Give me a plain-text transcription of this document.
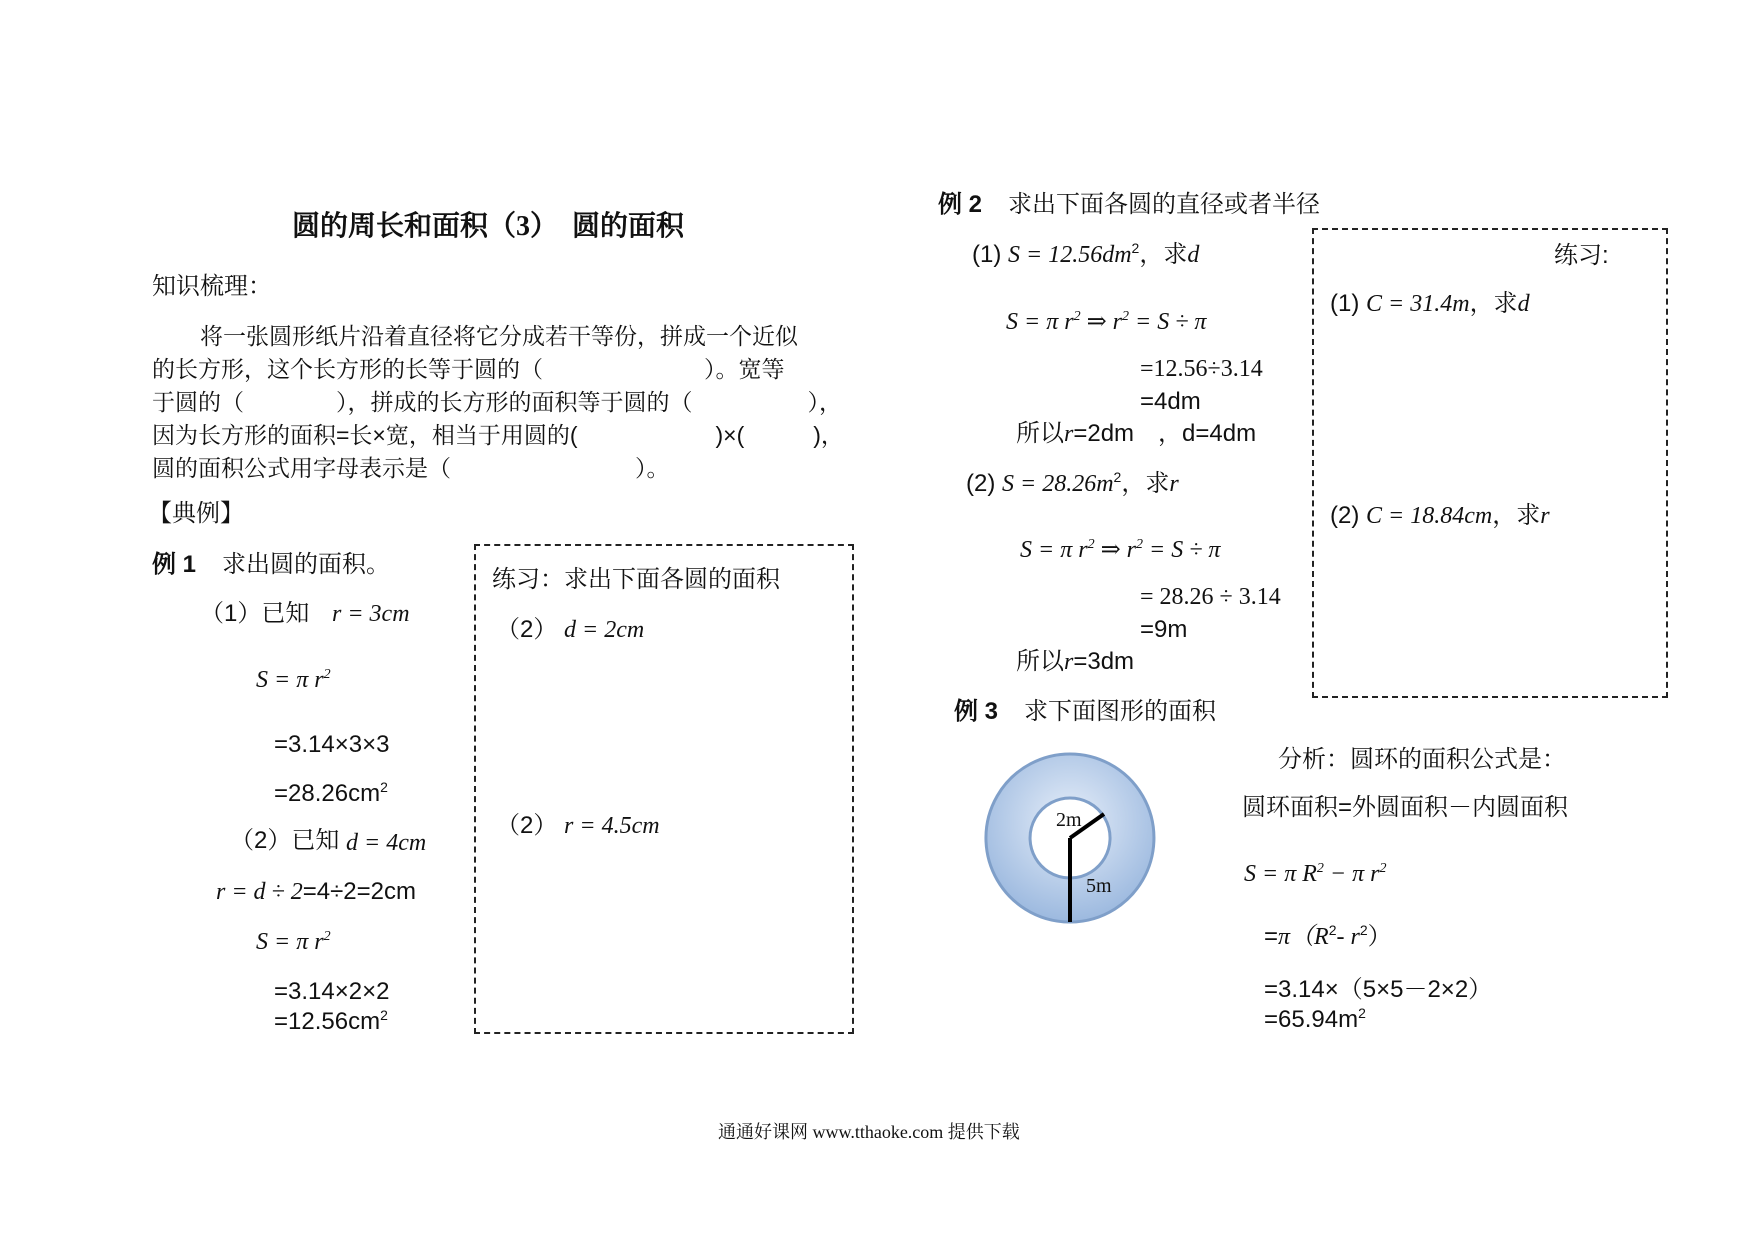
圆的周长和面积（3）　圆的面积
知识梳理：
将一张圆形纸片沿着直径将它分成若干等份，拼成一个近似
的长方形，这个长方形的长等于圆的（　　　　　　　）。宽等
于圆的（　　　　），拼成的长方形的面积等于圆的（　　　　　），
因为长方形的面积=长×宽，相当于用圆的(　　　　　　)×(　　　)，
圆的面积公式用字母表示是（　　　　　　　　）。
【典例】
例 1 求出圆的面积。
（1）已知 r = 3cm
S = π $r^2$
=3.14×3×3
$=28.26cm^2$
（2）已知 d = 4cm
r = d ÷ 2=4÷2=2cm
S = π $r^2$
=3.14×2×2
$=12.56cm^2$
练习：求出下面各圆的面积
（2） d = 2cm
（2） r = 4.5cm
例 2 求出下面各圆的直径或者半径
(1) $S = 12.56dm^2$，求d
S = π $r^2$ ⇒ $r^2 = S \div \pi$
=12.56÷3.14
=4dm
所以r=2dm　，d=4dm
(2) $S = 28.26m^2$，求r
S = π $r^2$ ⇒ $r^2 = S \div \pi$
= 28.26 ÷ 3.14
=9m
所以r=3dm
练习:
(1) C = 31.4m，求d
(2) C = 18.84cm，求r
例 3 求下面图形的面积
2m
5m
分析：圆环的面积公式是：
圆环面积=外圆面积－内圆面积
S = π $R^2 - \pi$ $r^2$
$=\pi(R^2-$ $r^2$）
=3.14×（5×5－2×2）
$=65.94m^2$
通通好课网 www.tthaoke.com 提供下载
